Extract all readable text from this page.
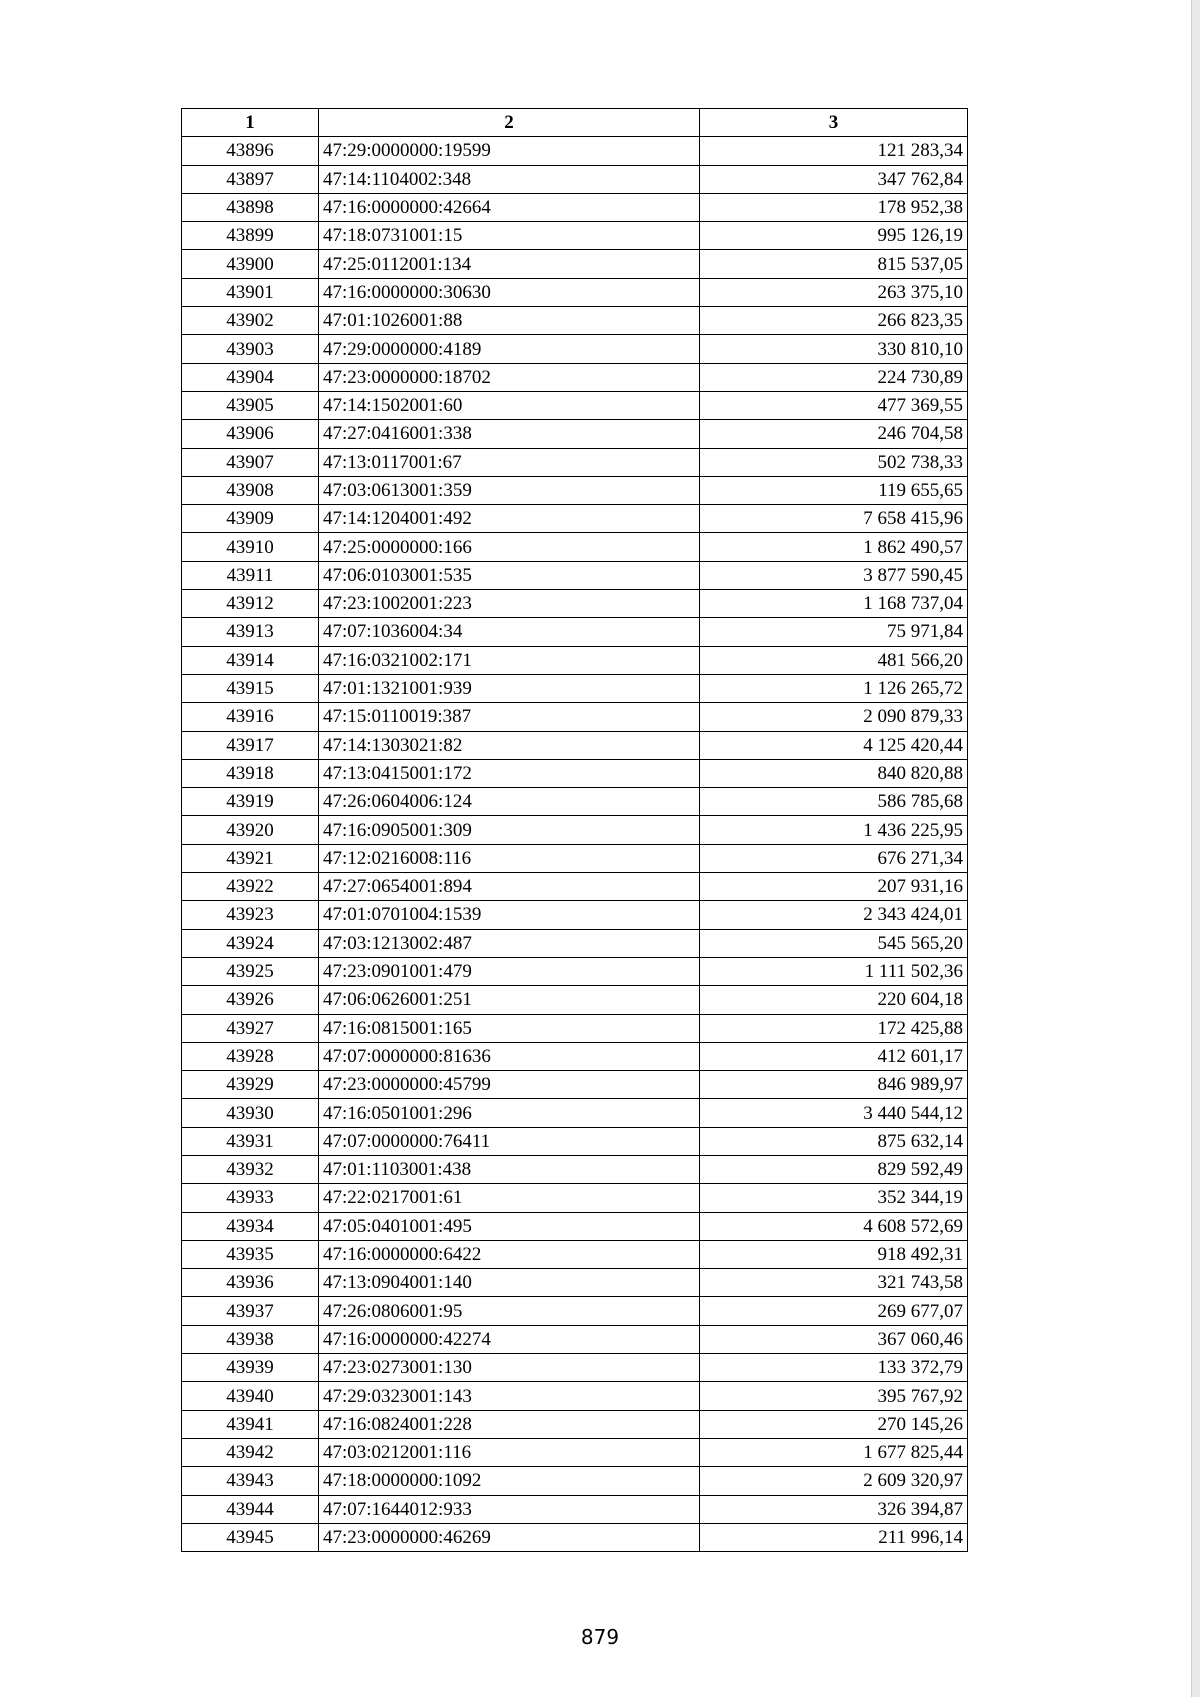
1	2	3
43896	47:29:0000000:19599	121 283,34
43897	47:14:1104002:348	347 762,84
43898	47:16:0000000:42664	178 952,38
43899	47:18:0731001:15	995 126,19
43900	47:25:0112001:134	815 537,05
43901	47:16:0000000:30630	263 375,10
43902	47:01:1026001:88	266 823,35
43903	47:29:0000000:4189	330 810,10
43904	47:23:0000000:18702	224 730,89
43905	47:14:1502001:60	477 369,55
43906	47:27:0416001:338	246 704,58
43907	47:13:0117001:67	502 738,33
43908	47:03:0613001:359	119 655,65
43909	47:14:1204001:492	7 658 415,96
43910	47:25:0000000:166	1 862 490,57
43911	47:06:0103001:535	3 877 590,45
43912	47:23:1002001:223	1 168 737,04
43913	47:07:1036004:34	75 971,84
43914	47:16:0321002:171	481 566,20
43915	47:01:1321001:939	1 126 265,72
43916	47:15:0110019:387	2 090 879,33
43917	47:14:1303021:82	4 125 420,44
43918	47:13:0415001:172	840 820,88
43919	47:26:0604006:124	586 785,68
43920	47:16:0905001:309	1 436 225,95
43921	47:12:0216008:116	676 271,34
43922	47:27:0654001:894	207 931,16
43923	47:01:0701004:1539	2 343 424,01
43924	47:03:1213002:487	545 565,20
43925	47:23:0901001:479	1 111 502,36
43926	47:06:0626001:251	220 604,18
43927	47:16:0815001:165	172 425,88
43928	47:07:0000000:81636	412 601,17
43929	47:23:0000000:45799	846 989,97
43930	47:16:0501001:296	3 440 544,12
43931	47:07:0000000:76411	875 632,14
43932	47:01:1103001:438	829 592,49
43933	47:22:0217001:61	352 344,19
43934	47:05:0401001:495	4 608 572,69
43935	47:16:0000000:6422	918 492,31
43936	47:13:0904001:140	321 743,58
43937	47:26:0806001:95	269 677,07
43938	47:16:0000000:42274	367 060,46
43939	47:23:0273001:130	133 372,79
43940	47:29:0323001:143	395 767,92
43941	47:16:0824001:228	270 145,26
43942	47:03:0212001:116	1 677 825,44
43943	47:18:0000000:1092	2 609 320,97
43944	47:07:1644012:933	326 394,87
43945	47:23:0000000:46269	211 996,14
879
